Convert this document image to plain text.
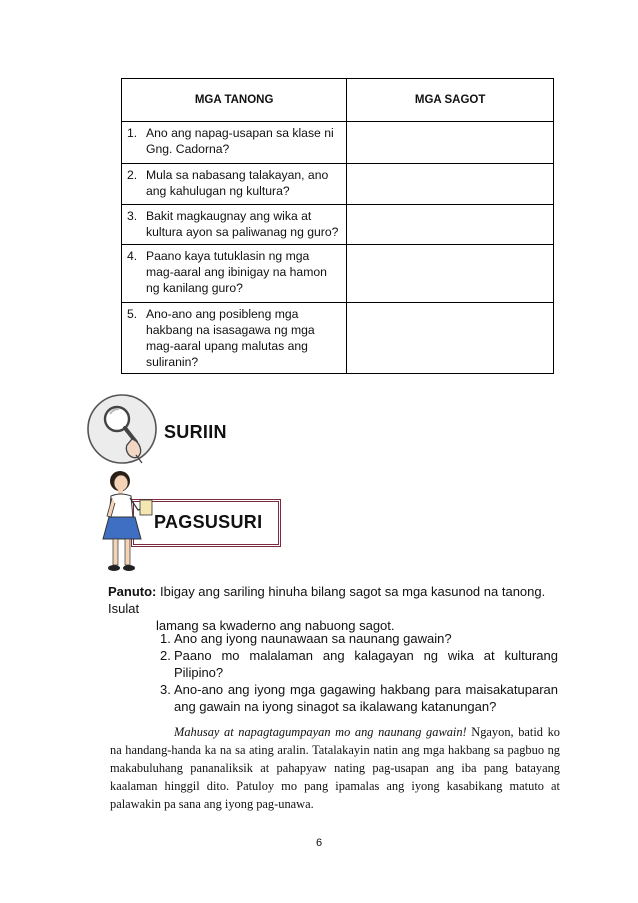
MGA TANONG	MGA SAGOT

1. Ano ang napag-usapan sa klase ni Gng. Cadorna?	

2. Mula sa nabasang talakayan, ano ang kahulugan ng kultura?	

3. Bakit magkaugnay ang wika at kultura ayon sa paliwanag ng guro?	

4. Paano kaya tutuklasin ng mga mag-aaral ang ibinigay na hamon ng kanilang guro?	

5. Ano-ano ang posibleng mga hakbang na isasagawa ng mga mag-aaral upang malutas ang suliranin?	

SURIIN
PAGSUSURI
Panuto: Ibigay ang sariling hinuha bilang sagot sa mga kasunod na tanong. Isulat
lamang sa kwaderno ang nabuong sagot.
1. Ano ang iyong naunawaan sa naunang gawain?
2. Paano mo malalaman ang kalagayan ng wika at kulturang Pilipino?
3. Ano-ano ang iyong mga gagawing hakbang para maisakatuparan ang gawain na iyong sinagot sa ikalawang katanungan?

Mahusay at napagtagumpayan mo ang naunang gawain! Ngayon, batid ko na handang-handa ka na sa ating aralin. Tatalakayin natin ang mga hakbang sa pagbuo ng makabuluhang pananaliksik at pahapyaw nating pag-usapan ang iba pang batayang kaalaman hinggil dito. Patuloy mo pang ipamalas ang iyong kasabikang matuto at palawakin pa sana ang iyong pag-unawa.

6
